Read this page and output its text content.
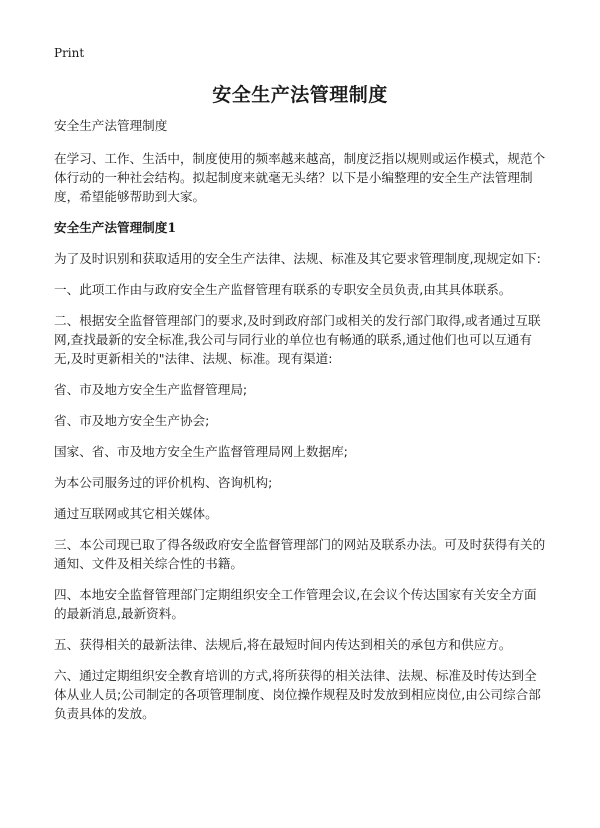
Print
安全生产法管理制度

安全生产法管理制度

在学习、工作、生活中，制度使用的频率越来越高，制度泛指以规则或运作模式，规范个体行动的一种社会结构。拟起制度来就毫无头绪？以下是小编整理的安全生产法管理制度，希望能够帮助到大家。

安全生产法管理制度1

为了及时识别和获取适用的安全生产法律、法规、标准及其它要求管理制度,现规定如下:

一、此项工作由与政府安全生产监督管理有联系的专职安全员负责,由其具体联系。

二、根据安全监督管理部门的要求,及时到政府部门或相关的发行部门取得,或者通过互联网,查找最新的安全标准,我公司与同行业的单位也有畅通的联系,通过他们也可以互通有无,及时更新相关的"法律、法规、标准。现有渠道:

省、市及地方安全生产监督管理局;

省、市及地方安全生产协会;

国家、省、市及地方安全生产监督管理局网上数据库;

为本公司服务过的评价机构、咨询机构;

通过互联网或其它相关媒体。

三、本公司现已取了得各级政府安全监督管理部门的网站及联系办法。可及时获得有关的通知、文件及相关综合性的书籍。

四、本地安全监督管理部门定期组织安全工作管理会议,在会议个传达国家有关安全方面的最新消息,最新资料。

五、获得相关的最新法律、法规后,将在最短时间内传达到相关的承包方和供应方。

六、通过定期组织安全教育培训的方式,将所获得的相关法律、法规、标准及时传达到全体从业人员;公司制定的各项管理制度、岗位操作规程及时发放到相应岗位,由公司综合部负责具体的发放。
